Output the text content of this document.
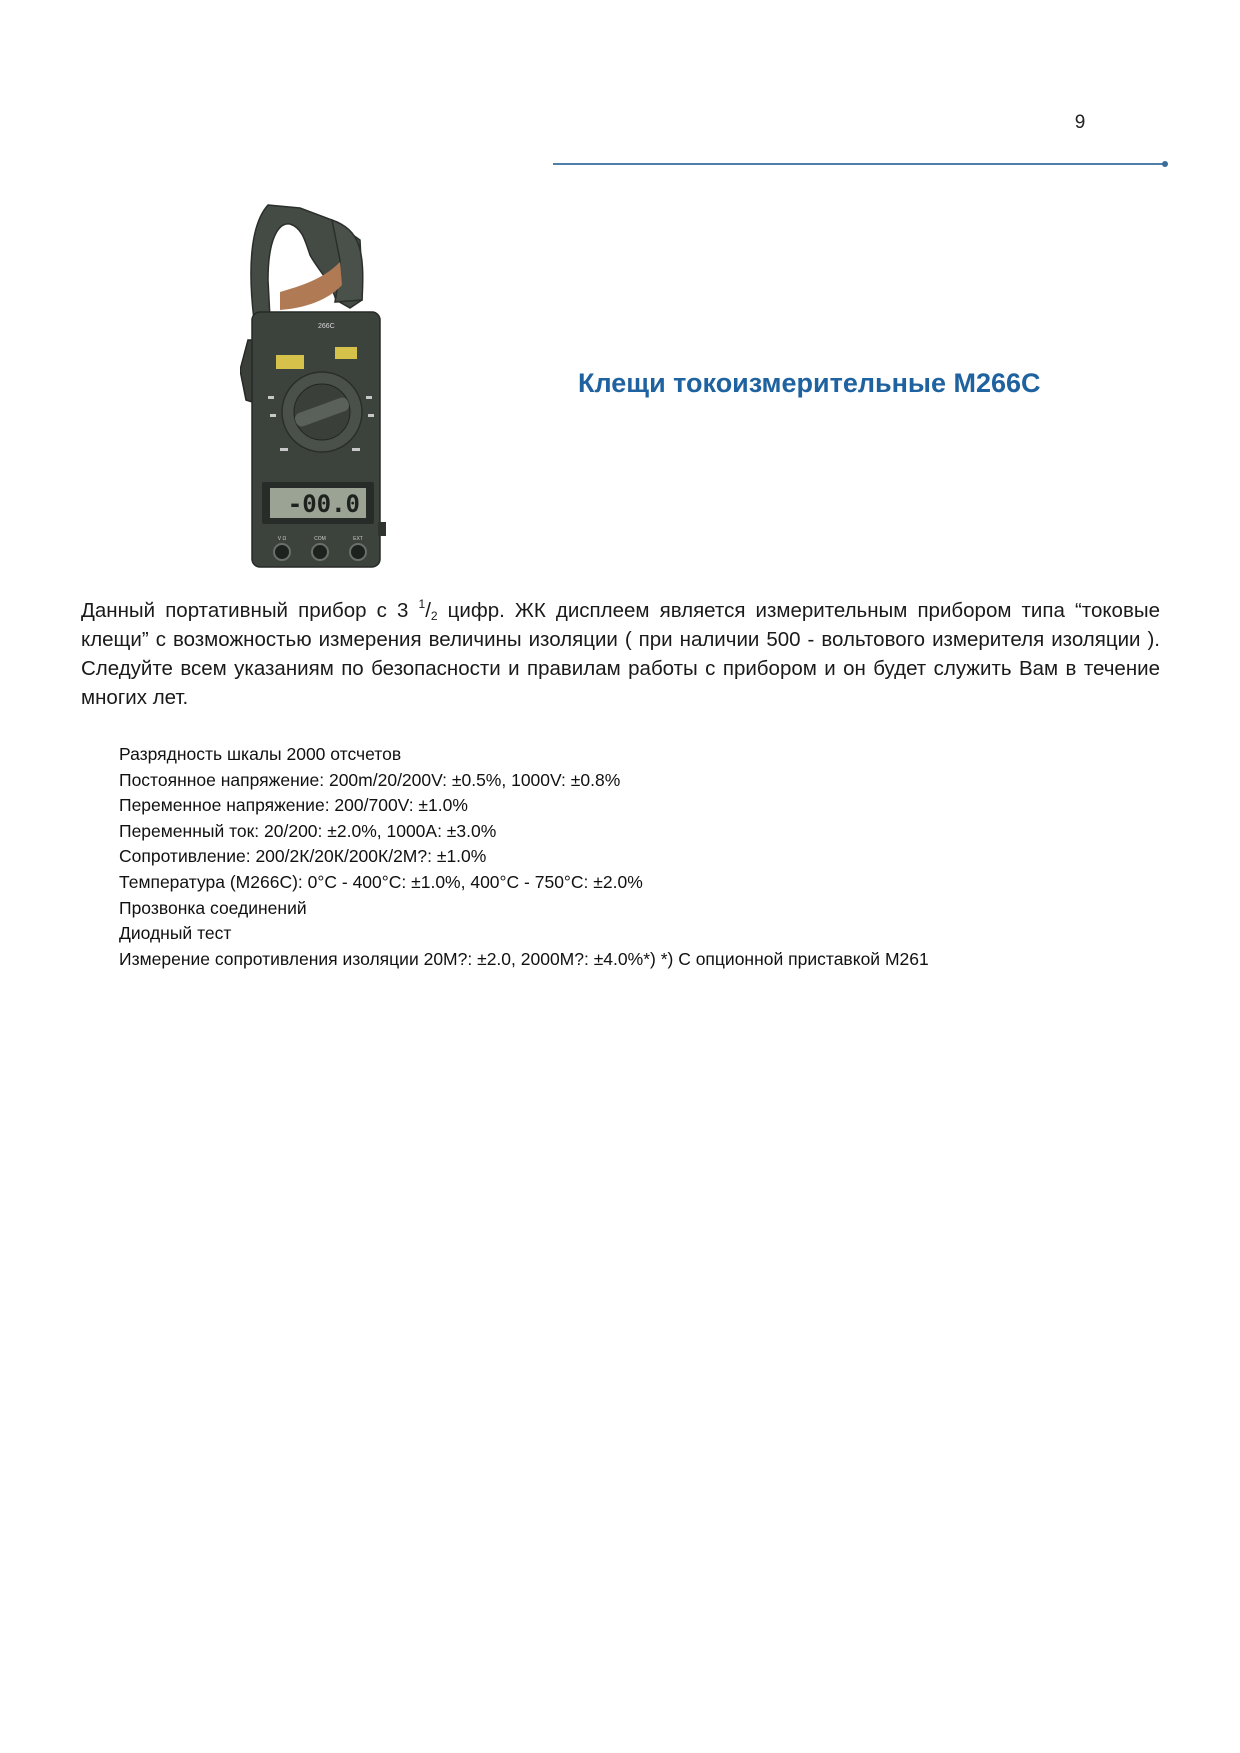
9
266C
-00.0
V Ω	COM	EXT
Клещи токоизмерительные М266С

Данный портативный прибор с 3 $^1/_2$ цифр. ЖК дисплеем является измерительным прибором типа “токовые клещи” с возможностью измерения величины изоляции ( при наличии 500 - вольтового измерителя изоляции ). Следуйте всем указаниям по безопасности и правилам работы с прибором и он будет служить Вам в течение многих лет.

Разрядность шкалы 2000 отсчетов
Постоянное напряжение: 200m/20/200V: ±0.5%, 1000V: ±0.8%
Переменное напряжение: 200/700V: ±1.0%
Переменный ток: 20/200: ±2.0%, 1000A: ±3.0%
Сопротивление: 200/2К/20К/200К/2М?: ±1.0%
Температура (М266С): 0°C - 400°C: ±1.0%, 400°C - 750°C: ±2.0%
Прозвонка соединений
Диодный тест
Измерение сопротивления изоляции 20М?: ±2.0, 2000М?: ±4.0%*) *) С опционной приставкой М261
